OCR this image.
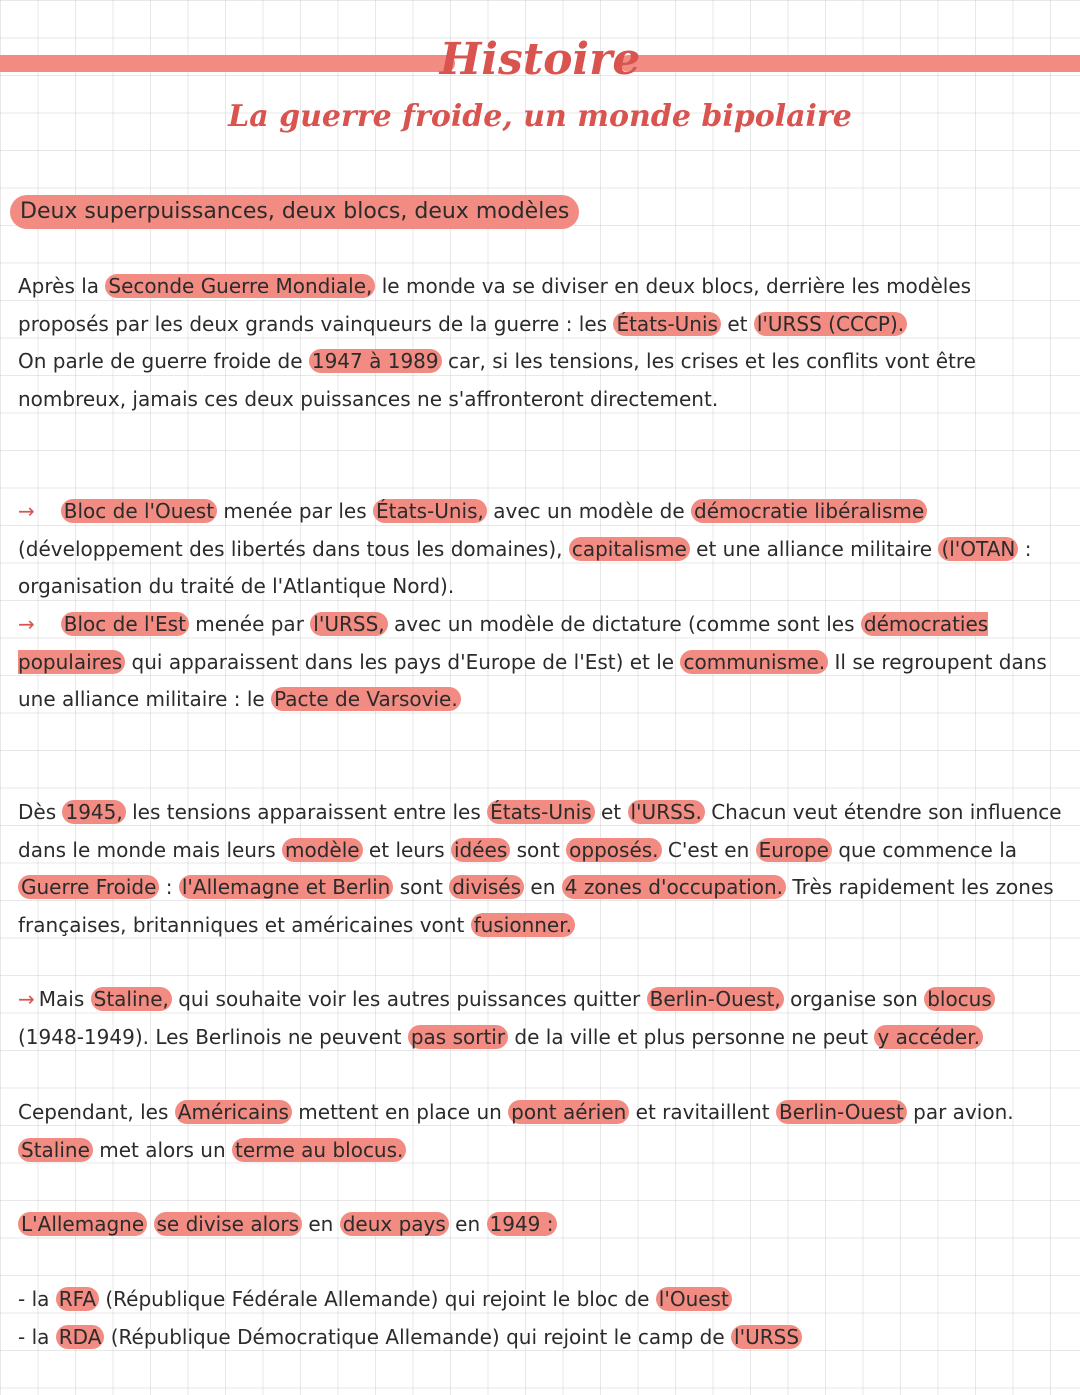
Histoire
La guerre froide, un monde bipolaire
Deux superpuissances, deux blocs, deux modèles

Après la Seconde Guerre Mondiale, le monde va se diviser en deux blocs, derrière les modèles proposés par les deux grands vainqueurs de la guerre : les États-Unis et l'URSS (CCCP).
On parle de guerre froide de 1947 à 1989 car, si les tensions, les crises et les conflits vont être nombreux, jamais ces deux puissances ne s'affronteront directement.

→ Bloc de l'Ouest menée par les États-Unis, avec un modèle de démocratie libéralisme (développement des libertés dans tous les domaines), capitalisme et une alliance militaire (l'OTAN : organisation du traité de l'Atlantique Nord).

→ Bloc de l'Est menée par l'URSS, avec un modèle de dictature (comme sont les démocraties populaires qui apparaissent dans les pays d'Europe de l'Est) et le communisme. Il se regroupent dans une alliance militaire : le Pacte de Varsovie.

Dès 1945, les tensions apparaissent entre les États-Unis et l'URSS. Chacun veut étendre son influence dans le monde mais leurs modèle et leurs idées sont opposés. C'est en Europe que commence la Guerre Froide : l'Allemagne et Berlin sont divisés en 4 zones d'occupation. Très rapidement les zones françaises, britanniques et américaines vont fusionner.

→ Mais Staline, qui souhaite voir les autres puissances quitter Berlin-Ouest, organise son blocus (1948-1949). Les Berlinois ne peuvent pas sortir de la ville et plus personne ne peut y accéder.

Cependant, les Américains mettent en place un pont aérien et ravitaillent Berlin-Ouest par avion. Staline met alors un terme au blocus.

L'Allemagne se divise alors en deux pays en 1949 :

- la RFA (République Fédérale Allemande) qui rejoint le bloc de l'Ouest
- la RDA (République Démocratique Allemande) qui rejoint le camp de l'URSS
